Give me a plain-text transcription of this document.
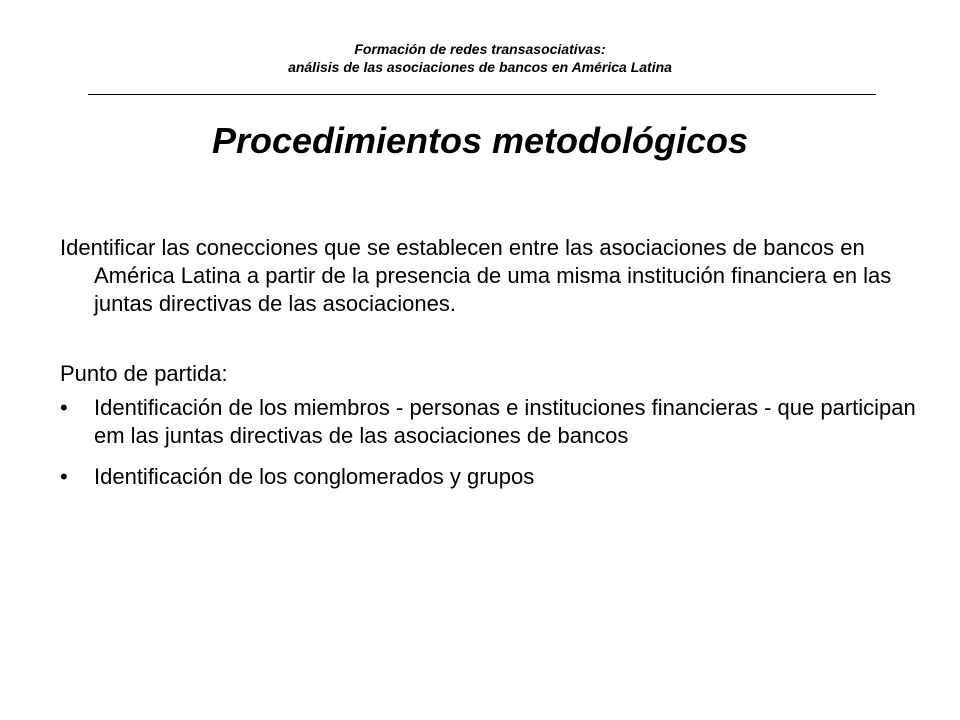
Formación de redes transasociativas:
análisis de las asociaciones de bancos en América Latina
Procedimientos metodológicos

Identificar las conecciones que se establecen entre las asociaciones de bancos en América Latina a partir de la presencia de uma misma institución financiera en las juntas directivas de las asociaciones.

Punto de partida:

• Identificación de los miembros - personas e instituciones financieras - que participan em las juntas directivas de las asociaciones de bancos
• Identificación de los conglomerados y grupos
